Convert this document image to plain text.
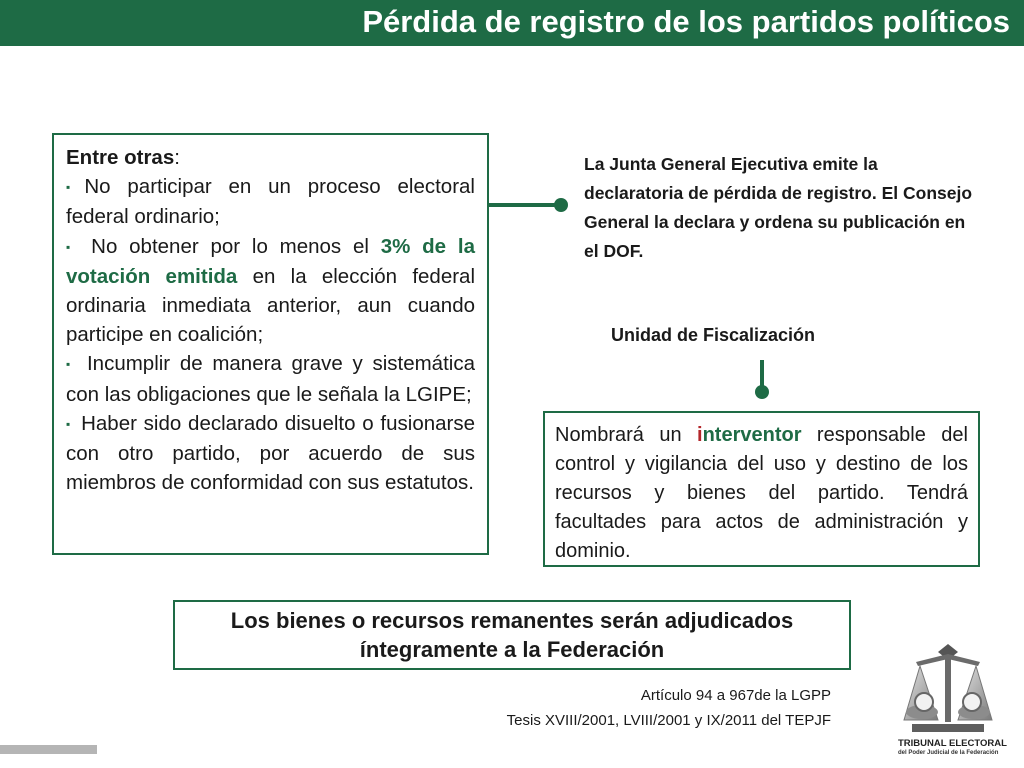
Pérdida de registro de los partidos políticos

Entre otras:

▪ No participar en un proceso electoral federal ordinario;

▪ No obtener por lo menos el 3% de la votación emitida en la elección federal ordinaria inmediata anterior, aun cuando participe en coalición;

▪ Incumplir de manera grave y sistemática con las obligaciones que le señala la LGIPE;

▪ Haber sido declarado disuelto o fusionarse con otro partido, por acuerdo de sus miembros de conformidad con sus estatutos.

La Junta General Ejecutiva emite la declaratoria de pérdida de registro. El Consejo General la declara y ordena su publicación en el DOF.
Unidad de Fiscalización
Nombrará un interventor responsable del control y vigilancia del uso y destino de los recursos y bienes del partido. Tendrá facultades para actos de administración y dominio.
Los bienes o recursos remanentes serán adjudicados
íntegramente a la Federación
Artículo 94 a 967de la LGPP
Tesis XVIII/2001, LVIII/2001 y IX/2011 del TEPJF
TRIBUNAL ELECTORAL
del Poder Judicial de la Federación
